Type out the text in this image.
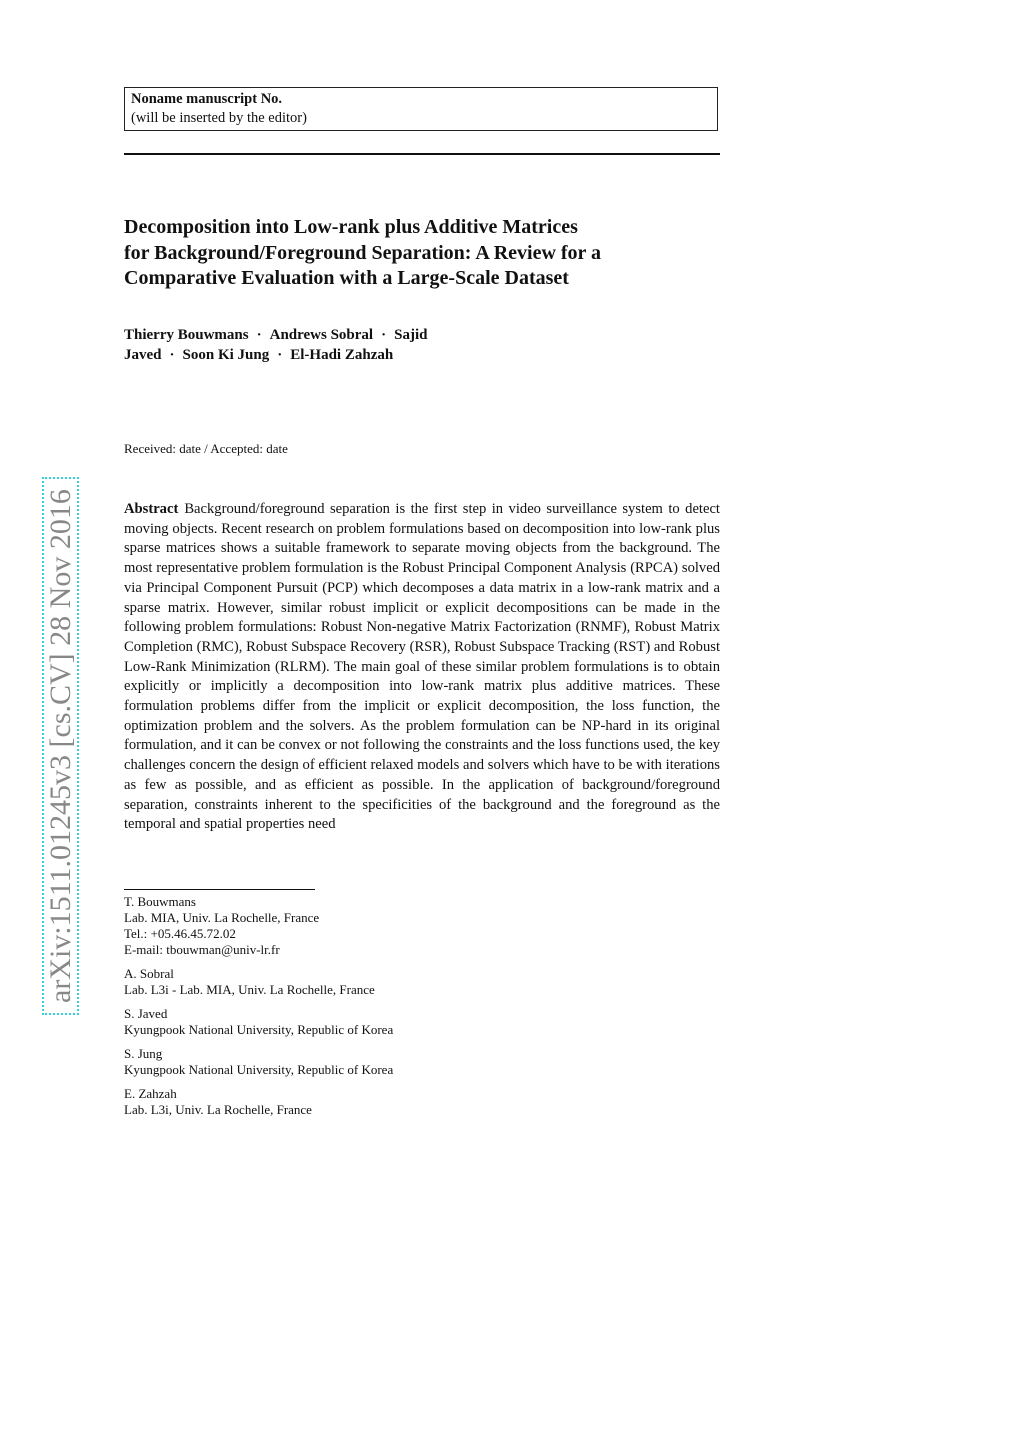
Noname manuscript No.
(will be inserted by the editor)
Decomposition into Low-rank plus Additive Matrices
for Background/Foreground Separation: A Review for a
Comparative Evaluation with a Large-Scale Dataset
Thierry Bouwmans · Andrews Sobral · Sajid
Javed · Soon Ki Jung · El-Hadi Zahzah
Received: date / Accepted: date

Abstract Background/foreground separation is the first step in video surveillance system to detect moving objects. Recent research on problem formulations based on decomposition into low-rank plus sparse matrices shows a suitable framework to separate moving objects from the background. The most representative problem formulation is the Robust Principal Component Analysis (RPCA) solved via Principal Component Pursuit (PCP) which decomposes a data matrix in a low-rank matrix and a sparse matrix. However, similar robust implicit or explicit decompositions can be made in the following problem formulations: Robust Non-negative Matrix Factorization (RNMF), Robust Matrix Completion (RMC), Robust Subspace Recovery (RSR), Robust Subspace Tracking (RST) and Robust Low-Rank Minimization (RLRM). The main goal of these similar problem formulations is to obtain explicitly or implicitly a decomposition into low-rank matrix plus additive matrices. These formulation problems differ from the implicit or explicit decomposition, the loss function, the optimization problem and the solvers. As the problem formulation can be NP-hard in its original formulation, and it can be convex or not following the constraints and the loss functions used, the key challenges concern the design of efficient relaxed models and solvers which have to be with iterations as few as possible, and as efficient as possible. In the application of background/foreground separation, constraints inherent to the specificities of the background and the foreground as the temporal and spatial properties need

T. Bouwmans
Lab. MIA, Univ. La Rochelle, France
Tel.: +05.46.45.72.02
E-mail: tbouwman@univ-lr.fr
A. Sobral
Lab. L3i - Lab. MIA, Univ. La Rochelle, France
S. Javed
Kyungpook National University, Republic of Korea
S. Jung
Kyungpook National University, Republic of Korea
E. Zahzah
Lab. L3i, Univ. La Rochelle, France
arXiv:1511.01245v3 [cs.CV] 28 Nov 2016
